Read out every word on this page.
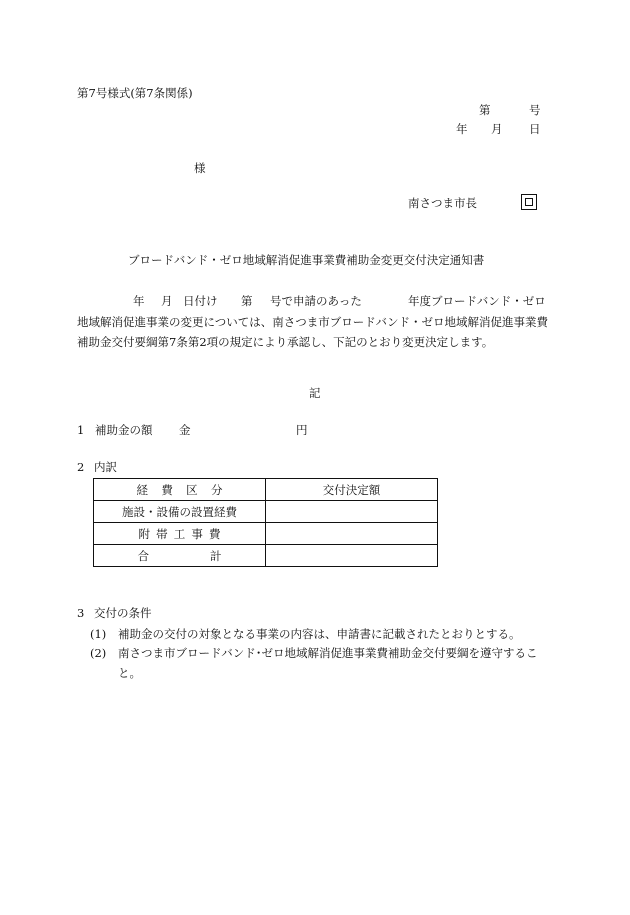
第7号様式(第7条関係)
第	号
年 月 日
様
南さつま市長
ブロードバンド・ゼロ地域解消促進事業費補助金変更交付決定通知書
年 月 日付け 第 号で申請のあった	年度ブロードバンド・ゼロ
地域解消促進事業の変更については、南さつま市ブロードバンド・ゼロ地域解消促進事業費補助金交付要綱第7条第2項の規定により承認し、下記のとおり変更決定します。
記
1 補助金の額 金	円
2 内訳
経 費 区 分	交付決定額
施設・設備の設置経費	

附 帯 工 事 費	

合 計	

3 交付の条件
(1) 補助金の交付の対象となる事業の内容は、申請書に記載されたとおりとする。
(2) 南さつま市ブロードバンド･ゼロ地域解消促進事業費補助金交付要綱を遵守すること。
